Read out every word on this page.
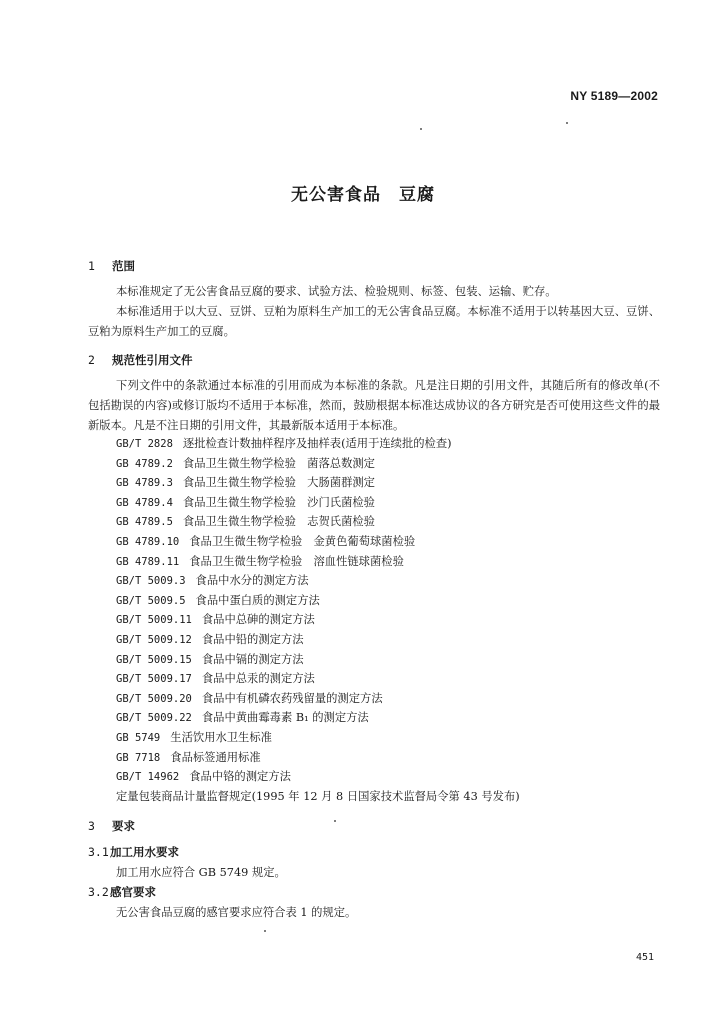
NY 5189—2002
无公害食品　豆腐
1 范围

本标准规定了无公害食品豆腐的要求、试验方法、检验规则、标签、包装、运输、贮存。

本标准适用于以大豆、豆饼、豆粕为原料生产加工的无公害食品豆腐。本标准不适用于以转基因大豆、豆饼、豆粕为原料生产加工的豆腐。

2 规范性引用文件

下列文件中的条款通过本标准的引用而成为本标准的条款。凡是注日期的引用文件，其随后所有的修改单(不包括勘误的内容)或修订版均不适用于本标准，然而，鼓励根据本标准达成协议的各方研究是否可使用这些文件的最新版本。凡是不注日期的引用文件，其最新版本适用于本标准。

GB/T 2828 逐批检查计数抽样程序及抽样表(适用于连续批的检查)
GB 4789.2 食品卫生微生物学检验　菌落总数测定
GB 4789.3 食品卫生微生物学检验　大肠菌群测定
GB 4789.4 食品卫生微生物学检验　沙门氏菌检验
GB 4789.5 食品卫生微生物学检验　志贺氏菌检验
GB 4789.10 食品卫生微生物学检验　金黄色葡萄球菌检验
GB 4789.11 食品卫生微生物学检验　溶血性链球菌检验
GB/T 5009.3 食品中水分的测定方法
GB/T 5009.5 食品中蛋白质的测定方法
GB/T 5009.11 食品中总砷的测定方法
GB/T 5009.12 食品中铅的测定方法
GB/T 5009.15 食品中镉的测定方法
GB/T 5009.17 食品中总汞的测定方法
GB/T 5009.20 食品中有机磷农药残留量的测定方法
GB/T 5009.22 食品中黄曲霉毒素 B₁ 的测定方法
GB 5749 生活饮用水卫生标准
GB 7718 食品标签通用标准
GB/T 14962 食品中铬的测定方法
定量包装商品计量监督规定(1995 年 12 月 8 日国家技术监督局令第 43 号发布)
3 要求
3.1加工用水要求
加工用水应符合 GB 5749 规定。
3.2感官要求
无公害食品豆腐的感官要求应符合表 1 的规定。
451
